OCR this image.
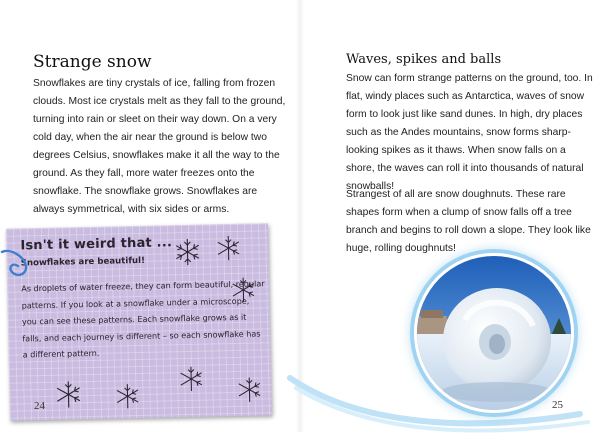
Strange snow

Snowflakes are tiny crystals of ice, falling from frozen clouds. Most ice crystals melt as they fall to the ground, turning into rain or sleet on their way down. On a very cold day, when the air near the ground is below two degrees Celsius, snowflakes make it all the way to the ground. As they fall, more water freezes onto the snowflake. The snowflake grows. Snowflakes are always symmetrical, with six sides or arms.

Isn't it weird that ...
Snowflakes are beautiful!

As droplets of water freeze, they can form beautiful, regular patterns. If you look at a snowflake under a microscope, you can see these patterns. Each snowflake grows as it falls, and each journey is different – so each snowflake has a different pattern.

24

Waves, spikes and balls

Snow can form strange patterns on the ground, too. In flat, windy places such as Antarctica, waves of snow form to look just like sand dunes. In high, dry places such as the Andes mountains, snow forms sharp-looking spikes as it thaws. When snow falls on a shore, the waves can roll it into thousands of natural snowballs!

Strangest of all are snow doughnuts. These rare shapes form when a clump of snow falls off a tree branch and begins to roll down a slope. They look like huge, rolling doughnuts!

25
